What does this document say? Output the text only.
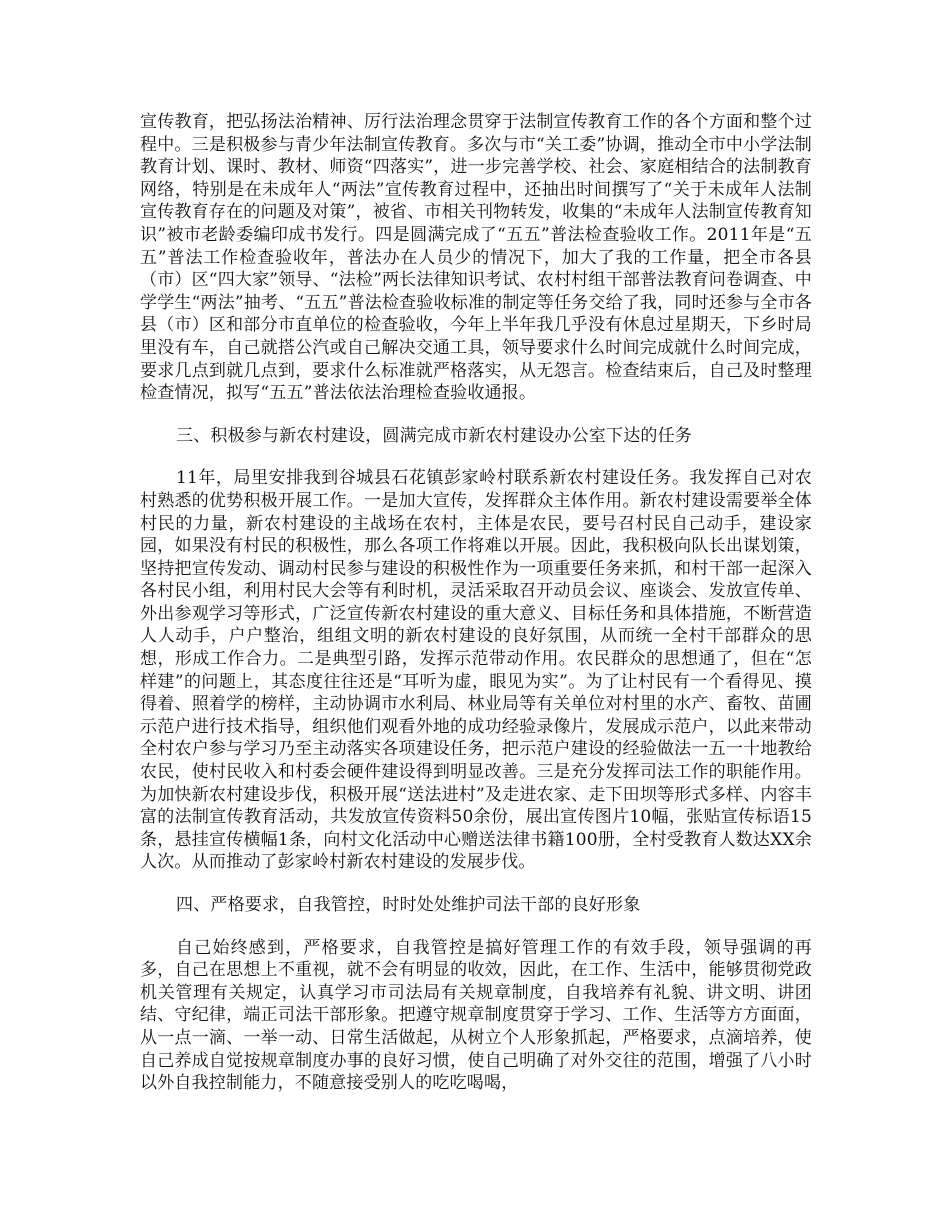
宣传教育，把弘扬法治精神、厉行法治理念贯穿于法制宣传教育工作的各个方面和整个过程中。三是积极参与青少年法制宣传教育。多次与市“关工委”协调，推动全市中小学法制教育计划、课时、教材、师资“四落实”，进一步完善学校、社会、家庭相结合的法制教育网络，特别是在未成年人“两法”宣传教育过程中，还抽出时间撰写了“关于未成年人法制宣传教育存在的问题及对策”，被省、市相关刊物转发，收集的“未成年人法制宣传教育知识”被市老龄委编印成书发行。四是圆满完成了“五五”普法检查验收工作。2011年是“五五”普法工作检查验收年，普法办在人员少的情况下，加大了我的工作量，把全市各县（市）区“四大家”领导、“法检”两长法律知识考试、农村村组干部普法教育问卷调查、中学学生“两法”抽考、“五五”普法检查验收标准的制定等任务交给了我，同时还参与全市各县（市）区和部分市直单位的检查验收，今年上半年我几乎没有休息过星期天，下乡时局里没有车，自己就搭公汽或自己解决交通工具，领导要求什么时间完成就什么时间完成，要求几点到就几点到，要求什么标准就严格落实，从无怨言。检查结束后，自己及时整理检查情况，拟写“五五”普法依法治理检查验收通报。

三、积极参与新农村建设，圆满完成市新农村建设办公室下达的任务

11年，局里安排我到谷城县石花镇彭家岭村联系新农村建设任务。我发挥自己对农村熟悉的优势积极开展工作。一是加大宣传，发挥群众主体作用。新农村建设需要举全体村民的力量，新农村建设的主战场在农村，主体是农民，要号召村民自己动手，建设家园，如果没有村民的积极性，那么各项工作将难以开展。因此，我积极向队长出谋划策，坚持把宣传发动、调动村民参与建设的积极性作为一项重要任务来抓，和村干部一起深入各村民小组，利用村民大会等有利时机，灵活采取召开动员会议、座谈会、发放宣传单、外出参观学习等形式，广泛宣传新农村建设的重大意义、目标任务和具体措施，不断营造人人动手，户户整治，组组文明的新农村建设的良好氛围，从而统一全村干部群众的思想，形成工作合力。二是典型引路，发挥示范带动作用。农民群众的思想通了，但在“怎样建”的问题上，其态度往往还是“耳听为虚，眼见为实”。为了让村民有一个看得见、摸得着、照着学的榜样，主动协调市水利局、林业局等有关单位对村里的水产、畜牧、苗圃示范户进行技术指导，组织他们观看外地的成功经验录像片，发展成示范户，以此来带动全村农户参与学习乃至主动落实各项建设任务，把示范户建设的经验做法一五一十地教给农民，使村民收入和村委会硬件建设得到明显改善。三是充分发挥司法工作的职能作用。为加快新农村建设步伐，积极开展“送法进村”及走进农家、走下田坝等形式多样、内容丰富的法制宣传教育活动，共发放宣传资料50余份，展出宣传图片10幅，张贴宣传标语15条，悬挂宣传横幅1条，向村文化活动中心赠送法律书籍100册，全村受教育人数达XX余人次。从而推动了彭家岭村新农村建设的发展步伐。

四、严格要求，自我管控，时时处处维护司法干部的良好形象

自己始终感到，严格要求，自我管控是搞好管理工作的有效手段，领导强调的再多，自己在思想上不重视，就不会有明显的收效，因此，在工作、生活中，能够贯彻党政机关管理有关规定，认真学习市司法局有关规章制度，自我培养有礼貌、讲文明、讲团结、守纪律，端正司法干部形象。把遵守规章制度贯穿于学习、工作、生活等方方面面，从一点一滴、一举一动、日常生活做起，从树立个人形象抓起，严格要求，点滴培养，使自己养成自觉按规章制度办事的良好习惯，使自己明确了对外交往的范围，增强了八小时以外自我控制能力，不随意接受别人的吃吃喝喝，
